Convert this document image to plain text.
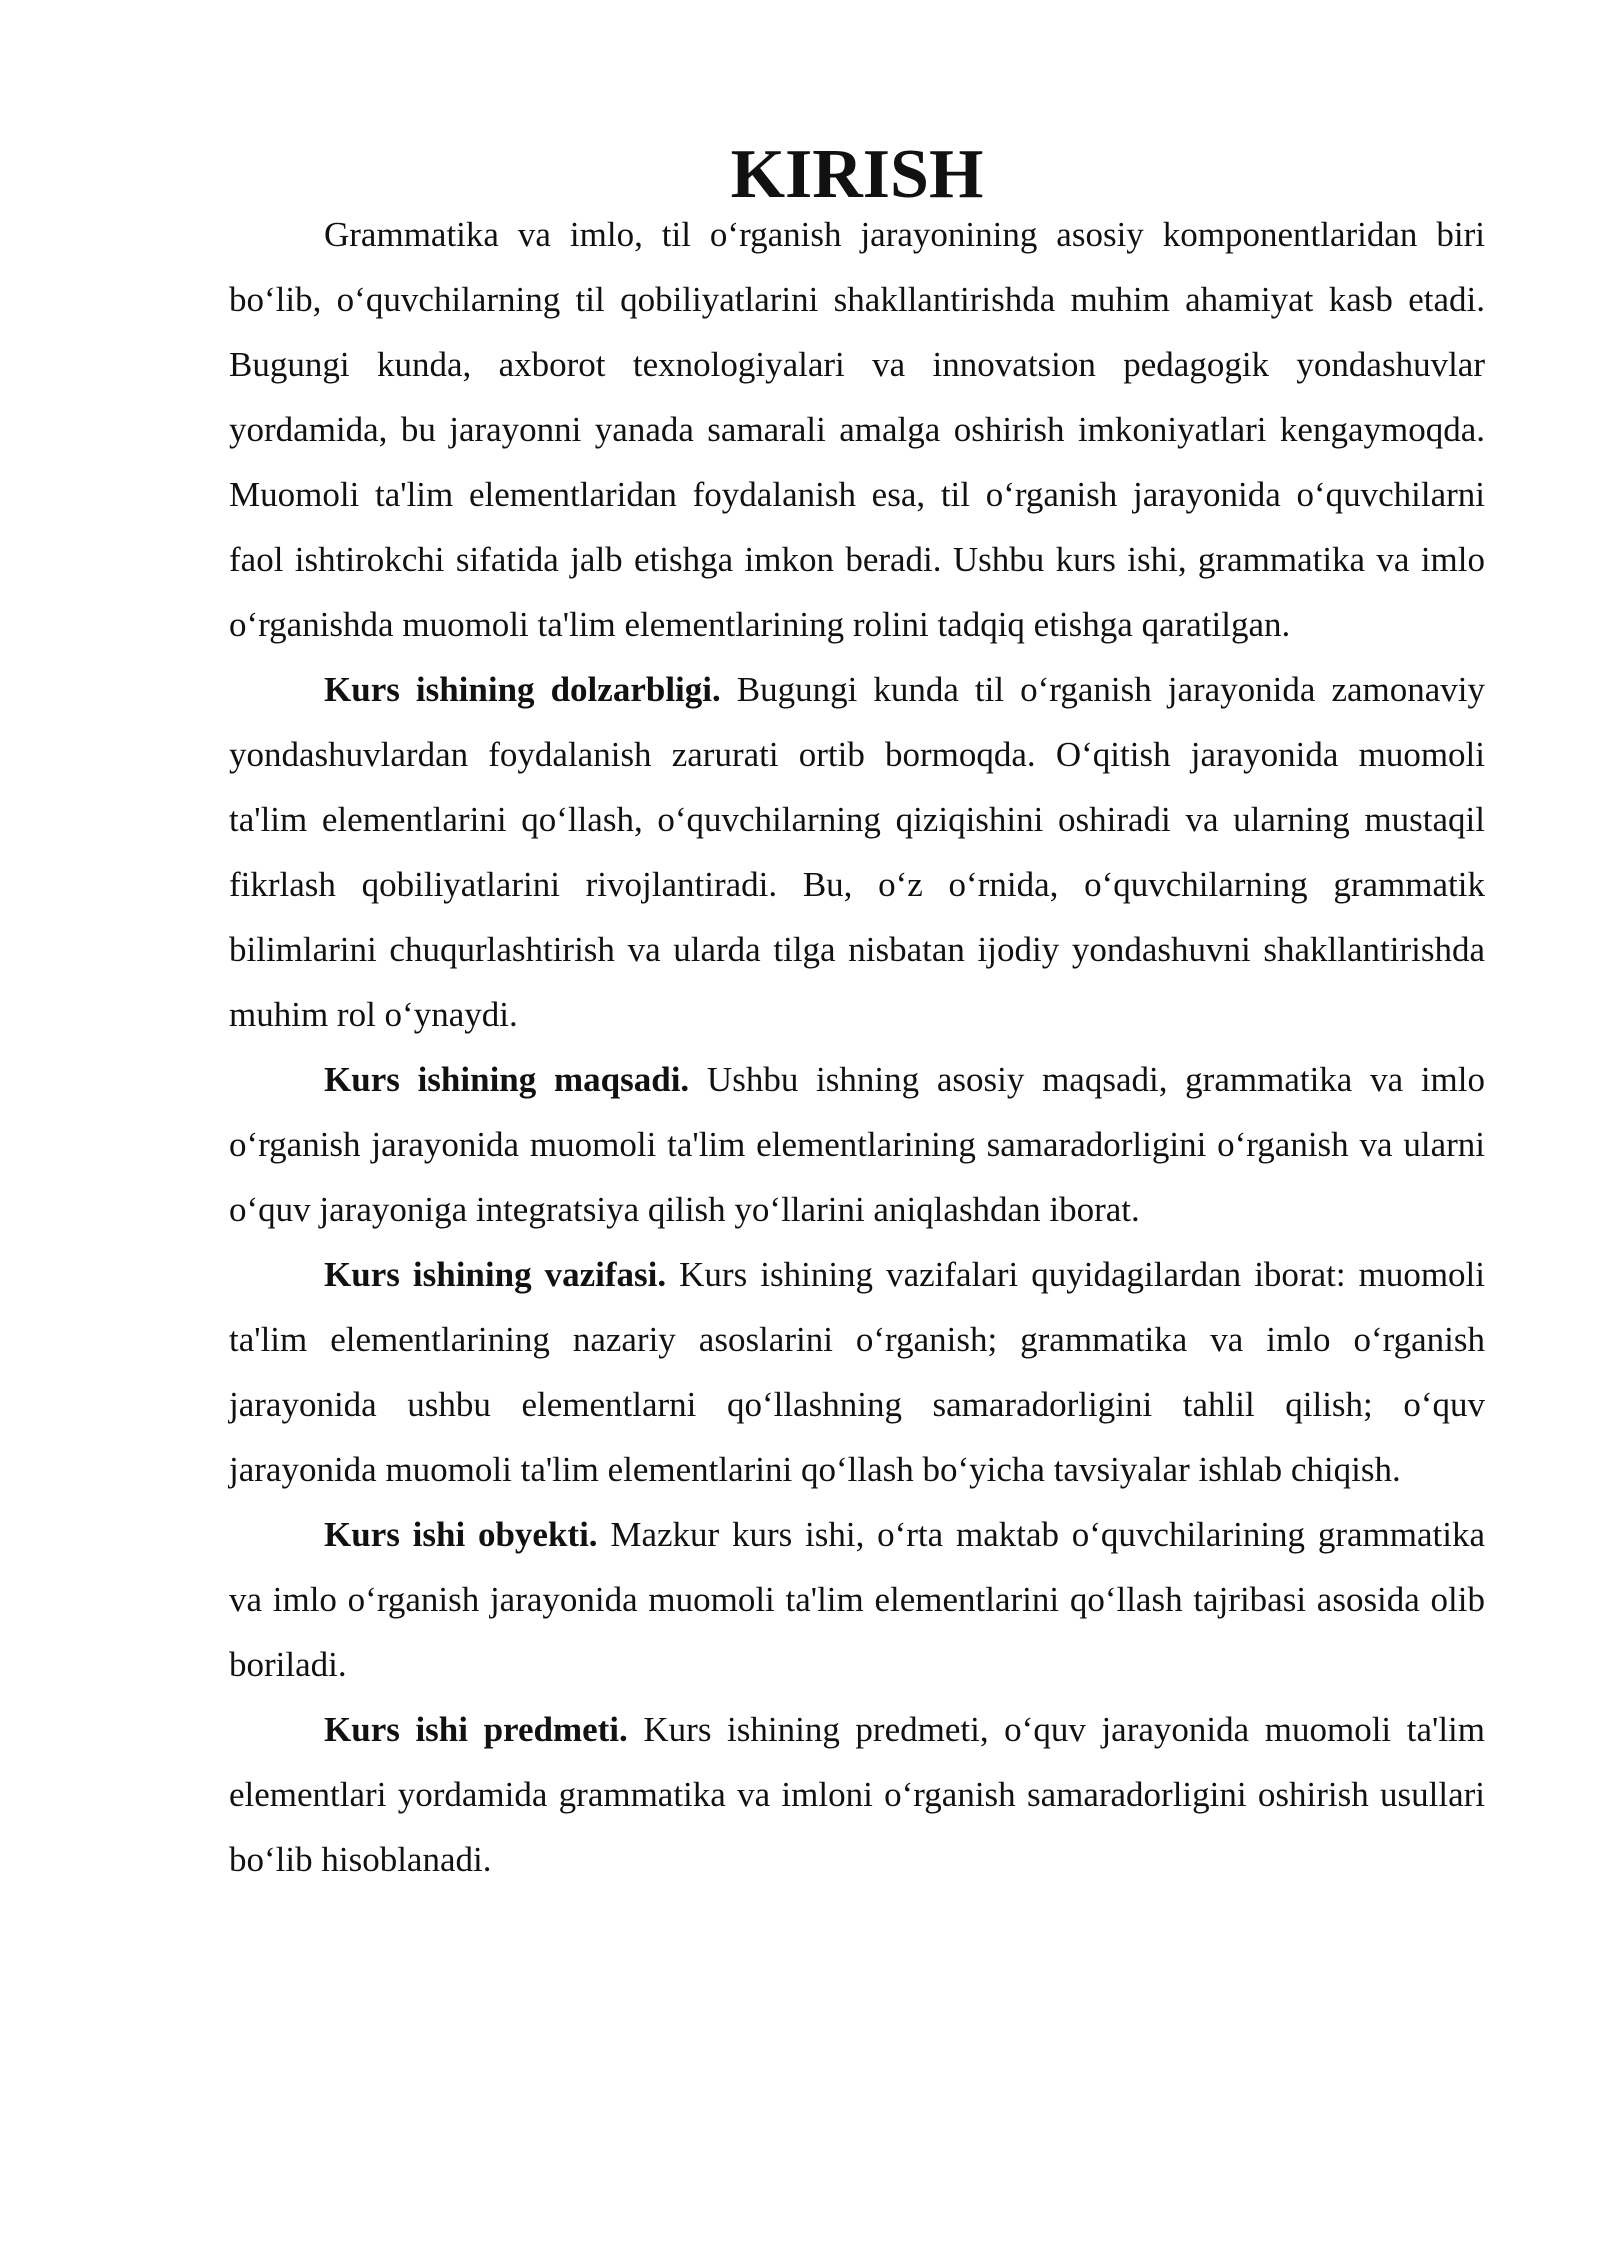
KIRISH

Grammatika va imlo, til o‘rganish jarayonining asosiy komponentlaridan biri bo‘lib, o‘quvchilarning til qobiliyatlarini shakllantirishda muhim ahamiyat kasb etadi. Bugungi kunda, axborot texnologiyalari va innovatsion pedagogik yondashuvlar yordamida, bu jarayonni yanada samarali amalga oshirish imkoniyatlari kengaymoqda. Muomoli ta'lim elementlaridan foydalanish esa, til o‘rganish jarayonida o‘quvchilarni faol ishtirokchi sifatida jalb etishga imkon beradi. Ushbu kurs ishi, grammatika va imlo o‘rganishda muomoli ta'lim elementlarining rolini tadqiq etishga qaratilgan.

Kurs ishining dolzarbligi. Bugungi kunda til o‘rganish jarayonida zamonaviy yondashuvlardan foydalanish zarurati ortib bormoqda. O‘qitish jarayonida muomoli ta'lim elementlarini qo‘llash, o‘quvchilarning qiziqishini oshiradi va ularning mustaqil fikrlash qobiliyatlarini rivojlantiradi. Bu, o‘z o‘rnida, o‘quvchilarning grammatik bilimlarini chuqurlashtirish va ularda tilga nisbatan ijodiy yondashuvni shakllantirishda muhim rol o‘ynaydi.

Kurs ishining maqsadi. Ushbu ishning asosiy maqsadi, grammatika va imlo o‘rganish jarayonida muomoli ta'lim elementlarining samaradorligini o‘rganish va ularni o‘quv jarayoniga integratsiya qilish yo‘llarini aniqlashdan iborat.

Kurs ishining vazifasi. Kurs ishining vazifalari quyidagilardan iborat: muomoli ta'lim elementlarining nazariy asoslarini o‘rganish; grammatika va imlo o‘rganish jarayonida ushbu elementlarni qo‘llashning samaradorligini tahlil qilish; o‘quv jarayonida muomoli ta'lim elementlarini qo‘llash bo‘yicha tavsiyalar ishlab chiqish.

Kurs ishi obyekti. Mazkur kurs ishi, o‘rta maktab o‘quvchilarining grammatika va imlo o‘rganish jarayonida muomoli ta'lim elementlarini qo‘llash tajribasi asosida olib boriladi.

Kurs ishi predmeti. Kurs ishining predmeti, o‘quv jarayonida muomoli ta'lim elementlari yordamida grammatika va imloni o‘rganish samaradorligini oshirish usullari bo‘lib hisoblanadi.
